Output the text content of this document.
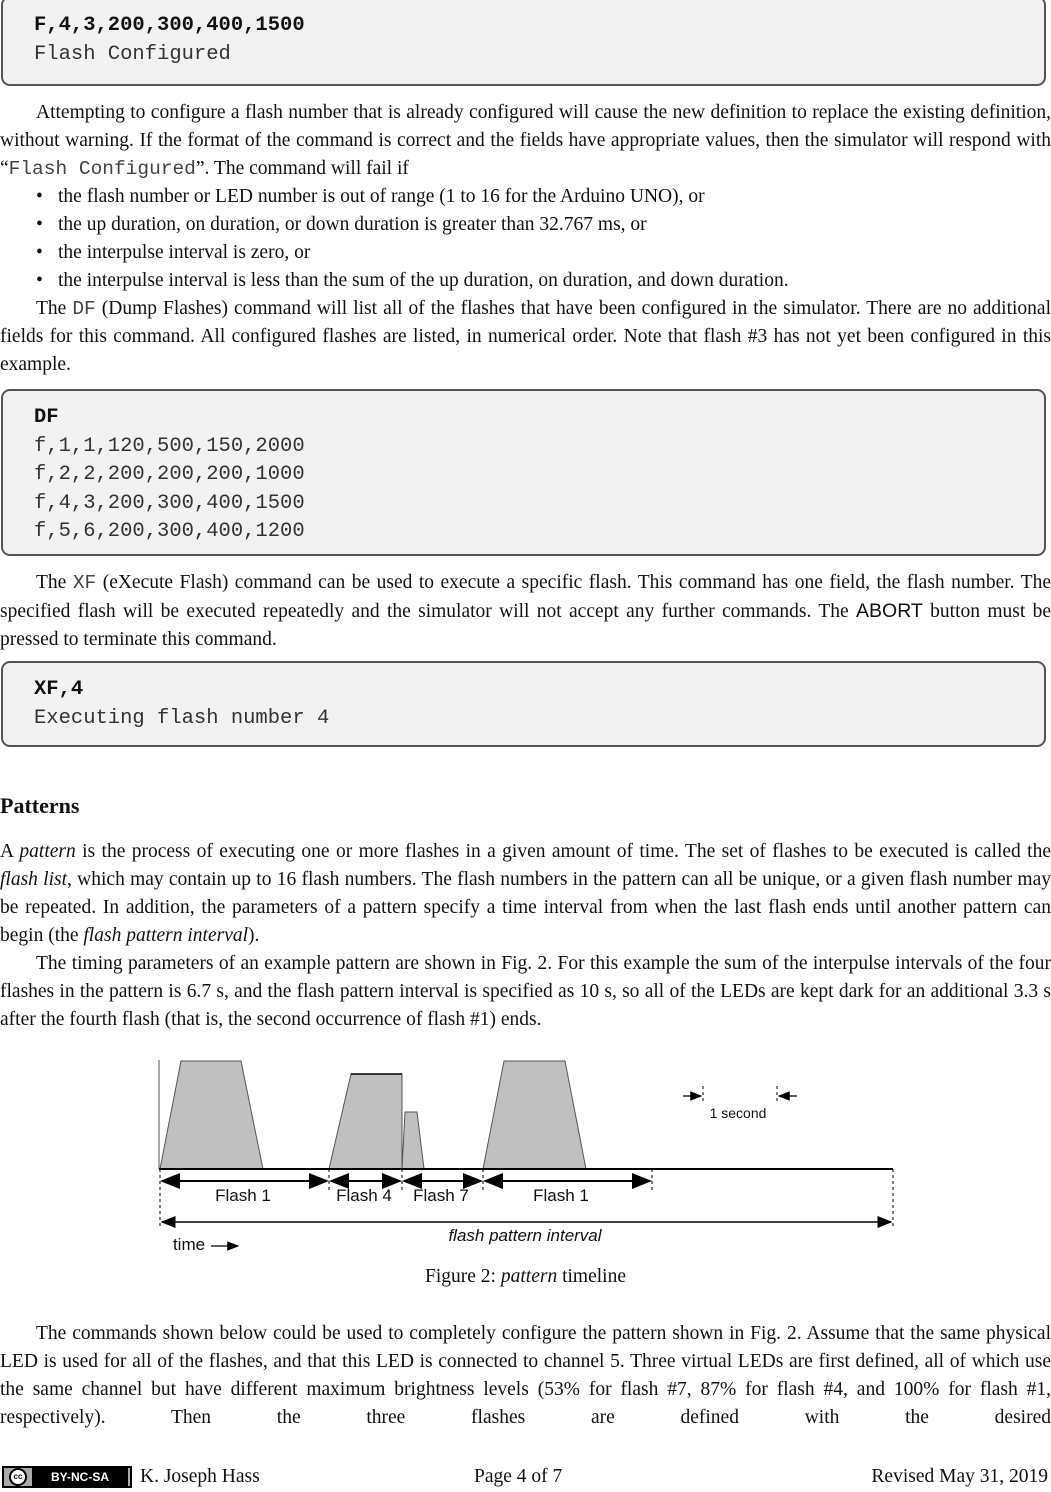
F,4,3,200,300,400,1500
Flash Configured

Attempting to configure a flash number that is already configured will cause the new definition to replace the existing definition, without warning. If the format of the command is correct and the fields have appropriate values, then the simulator will respond with “Flash Configured”. The command will fail if

• the flash number or LED number is out of range (1 to 16 for the Arduino UNO), or
• the up duration, on duration, or down duration is greater than 32.767 ms, or
• the interpulse interval is zero, or
• the interpulse interval is less than the sum of the up duration, on duration, and down duration.

The DF (Dump Flashes) command will list all of the flashes that have been configured in the simulator. There are no additional fields for this command. All configured flashes are listed, in numerical order. Note that flash #3 has not yet been configured in this example.

DF
f,1,1,120,500,150,2000
f,2,2,200,200,200,1000
f,4,3,200,300,400,1500
f,5,6,200,300,400,1200

The XF (eXecute Flash) command can be used to execute a specific flash. This command has one field, the flash number. The specified flash will be executed repeatedly and the simulator will not accept any further commands. The ABORT button must be pressed to terminate this command.

XF,4
Executing flash number 4
Patterns

A pattern is the process of executing one or more flashes in a given amount of time. The set of flashes to be executed is called the flash list, which may contain up to 16 flash numbers. The flash numbers in the pattern can all be unique, or a given flash number may be repeated. In addition, the parameters of a pattern specify a time interval from when the last flash ends until another pattern can begin (the flash pattern interval).

The timing parameters of an example pattern are shown in Fig. 2. For this example the sum of the interpulse intervals of the four flashes in the pattern is 6.7 s, and the flash pattern interval is specified as 10 s, so all of the LEDs are kept dark for an additional 3.3 s after the fourth flash (that is, the second occurrence of flash #1) ends.

Flash 1	Flash 4 Flash 7	Flash 1
1 second
flash pattern interval
time
Figure 2: pattern timeline

The commands shown below could be used to completely configure the pattern shown in Fig. 2. Assume that the same physical LED is used for all of the flashes, and that this LED is connected to channel 5. Three virtual LEDs are first defined, all of which use the same channel but have different maximum brightness levels (53% for flash #7, 87% for flash #4, and 100% for flash #1, respectively). Then the three flashes are defined with the desired

cc	BY-NC-SA	K. Joseph Hass	Page 4 of 7	Revised May 31, 2019
